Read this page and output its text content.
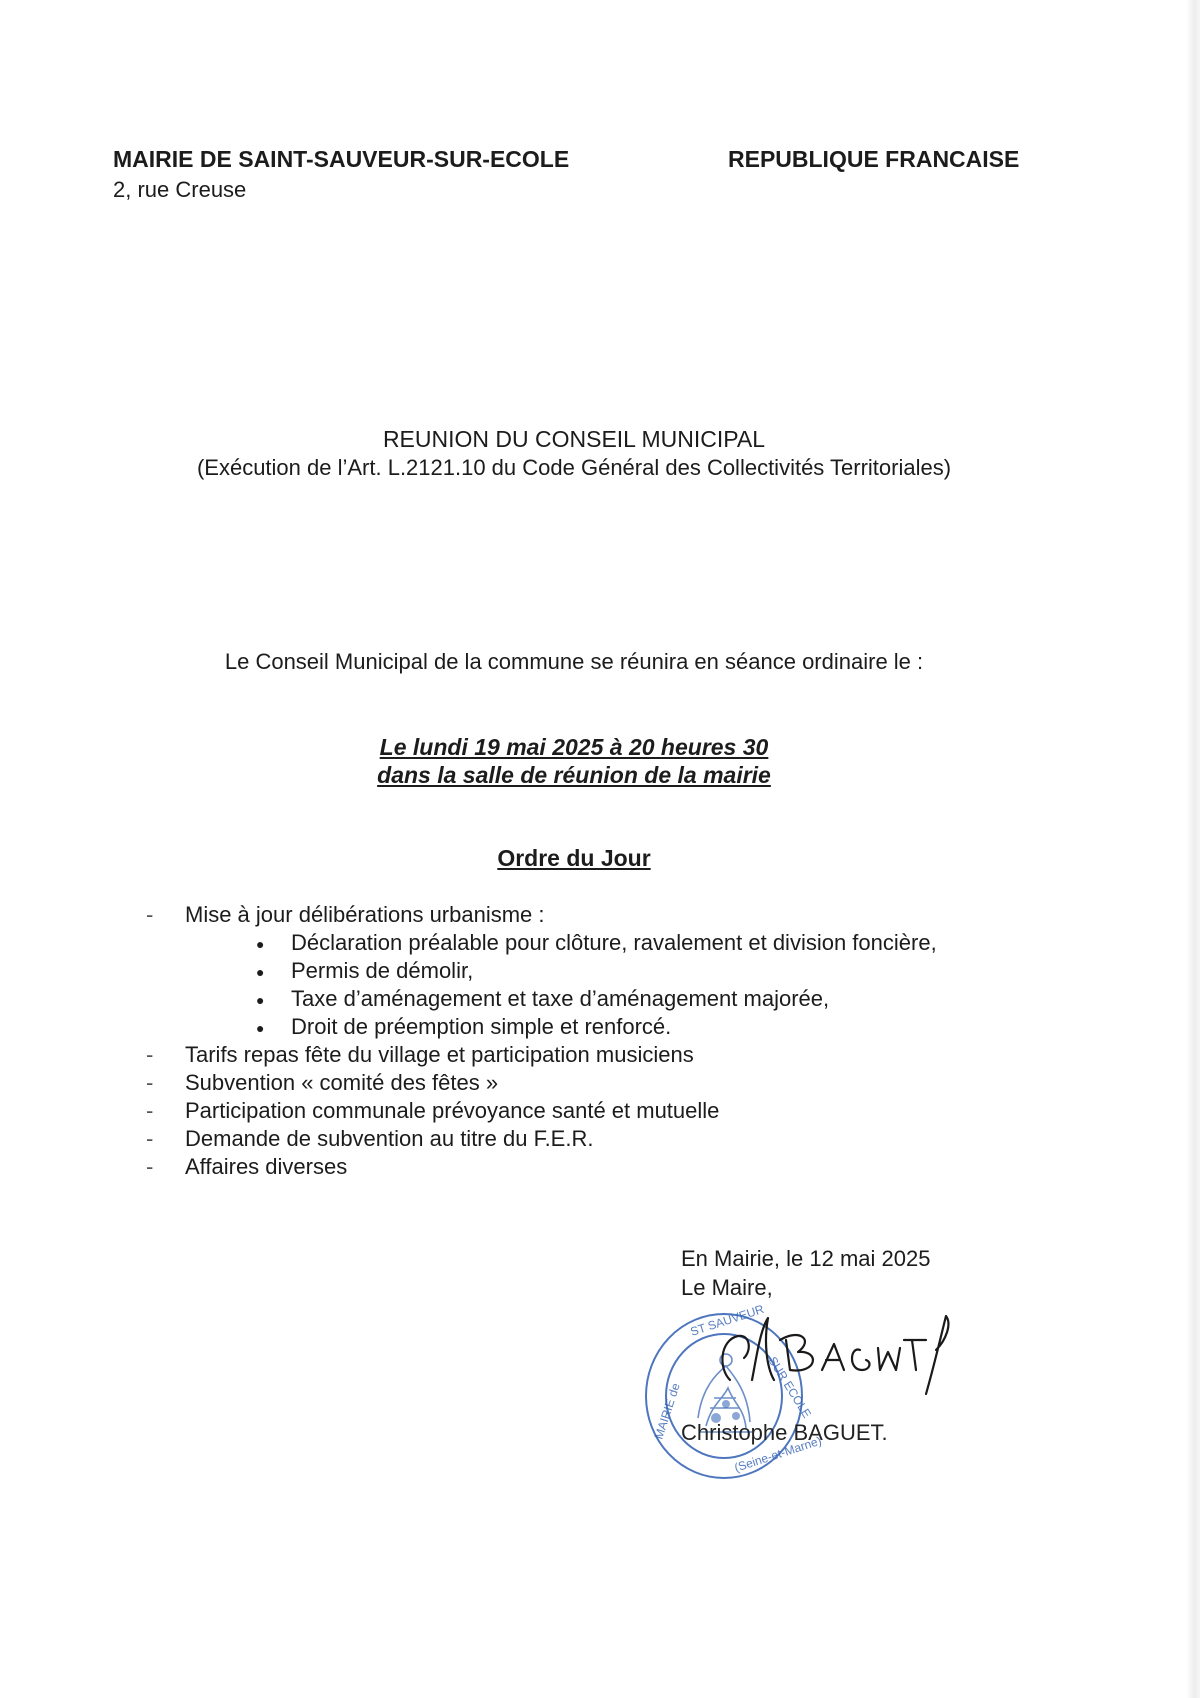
MAIRIE DE SAINT-SAUVEUR-SUR-ECOLE
2, rue Creuse
REPUBLIQUE FRANCAISE
REUNION DU CONSEIL MUNICIPAL
(Exécution de l’Art. L.2121.10 du Code Général des Collectivités Territoriales)
Le Conseil Municipal de la commune se réunira en séance ordinaire le :
Le lundi 19 mai 2025 à 20 heures 30
dans la salle de réunion de la mairie
Ordre du Jour
- Mise à jour délibérations urbanisme :
● Déclaration préalable pour clôture, ravalement et division foncière,
● Permis de démolir,
● Taxe d’aménagement et taxe d’aménagement majorée,
● Droit de préemption simple et renforcé.
- Tarifs repas fête du village et participation musiciens
- Subvention « comité des fêtes »
- Participation communale prévoyance santé et mutuelle
- Demande de subvention au titre du F.E.R.
- Affaires diverses
En Mairie, le 12 mai 2025
Le Maire,
ST SAUVEUR
SUR ECOLE
MAIRIE de
(Seine-et-Marne)
Christophe BAGUET.
